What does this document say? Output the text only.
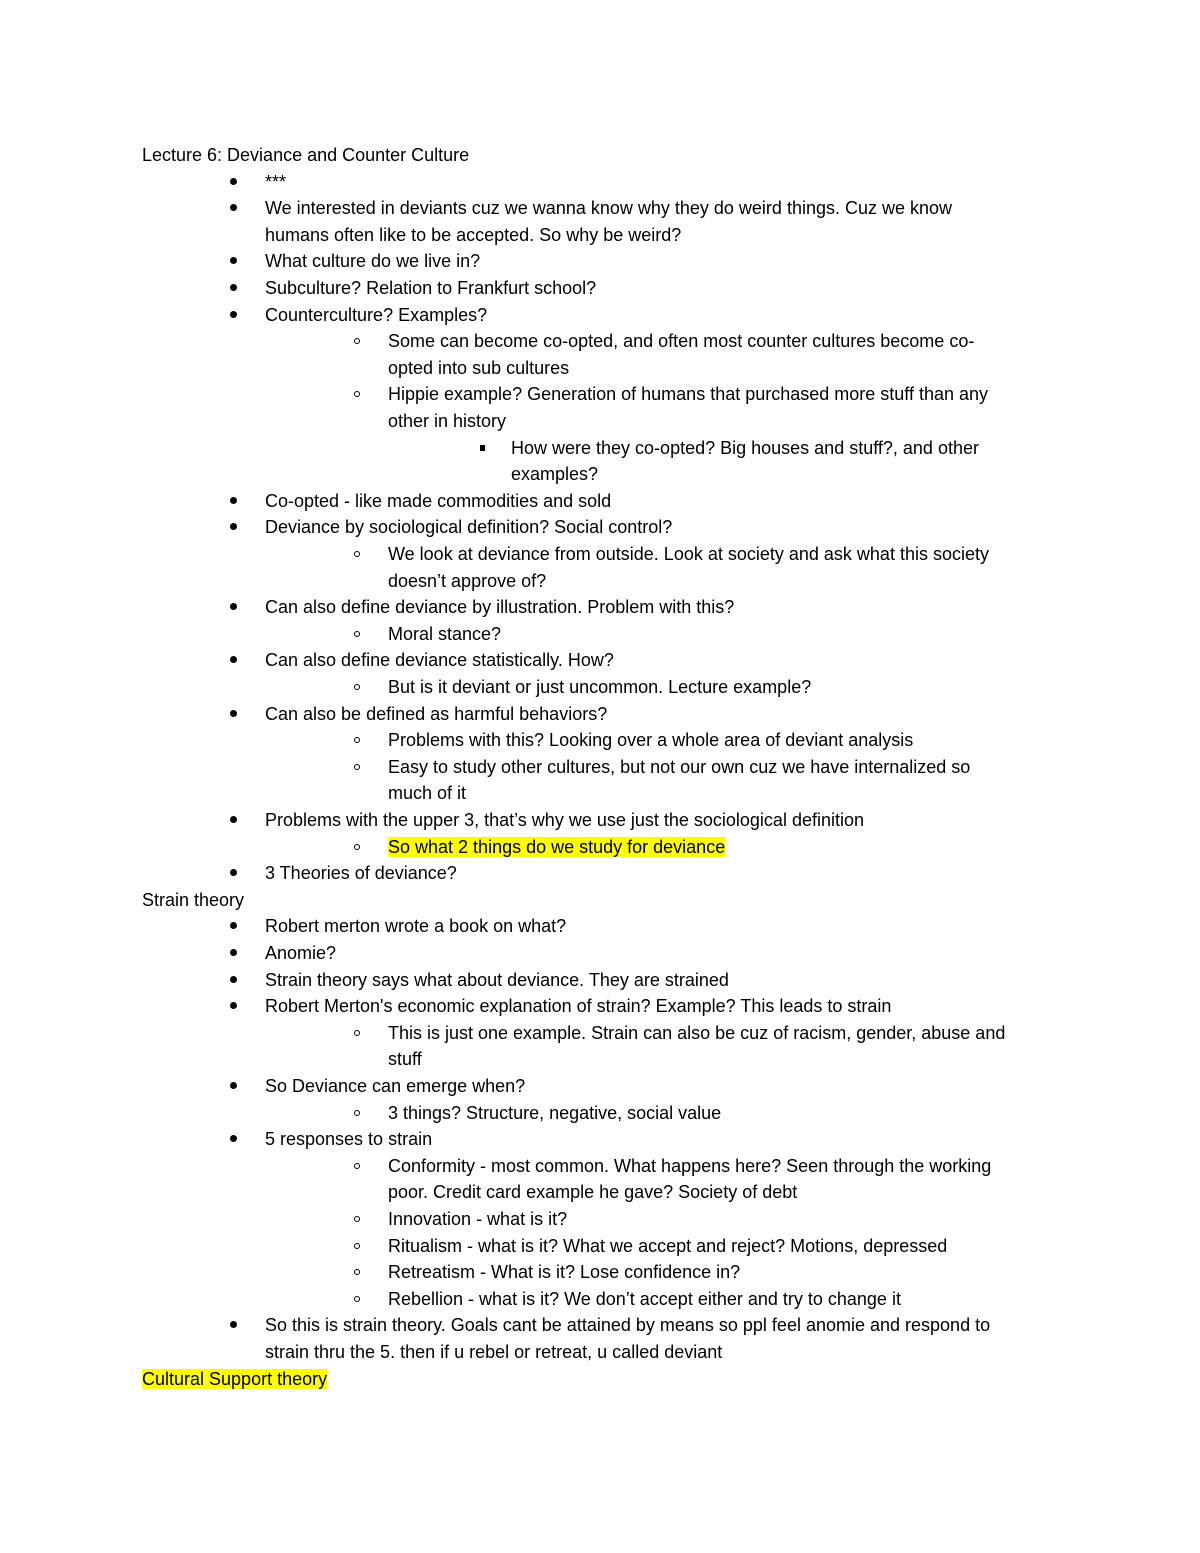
Lecture 6: Deviance and Counter Culture
***
We interested in deviants cuz we wanna know why they do weird things. Cuz we know
humans often like to be accepted. So why be weird?
What culture do we live in?
Subculture? Relation to Frankfurt school?
Counterculture? Examples?
Some can become co-opted, and often most counter cultures become co-
opted into sub cultures
Hippie example? Generation of humans that purchased more stuff than any
other in history
How were they co-opted? Big houses and stuff?, and other
examples?
Co-opted - like made commodities and sold
Deviance by sociological definition? Social control?
We look at deviance from outside. Look at society and ask what this society
doesn’t approve of?
Can also define deviance by illustration. Problem with this?
Moral stance?
Can also define deviance statistically. How?
But is it deviant or just uncommon. Lecture example?
Can also be defined as harmful behaviors?
Problems with this? Looking over a whole area of deviant analysis
Easy to study other cultures, but not our own cuz we have internalized so
much of it
Problems with the upper 3, that’s why we use just the sociological definition
So what 2 things do we study for deviance
3 Theories of deviance?
Strain theory
Robert merton wrote a book on what?
Anomie?
Strain theory says what about deviance. They are strained
Robert Merton's economic explanation of strain? Example? This leads to strain
This is just one example. Strain can also be cuz of racism, gender, abuse and
stuff
So Deviance can emerge when?
3 things? Structure, negative, social value
5 responses to strain
Conformity - most common. What happens here? Seen through the working
poor. Credit card example he gave? Society of debt
Innovation - what is it?
Ritualism - what is it? What we accept and reject? Motions, depressed
Retreatism - What is it? Lose confidence in?
Rebellion - what is it? We don’t accept either and try to change it
So this is strain theory. Goals cant be attained by means so ppl feel anomie and respond to
strain thru the 5. then if u rebel or retreat, u called deviant
Cultural Support theory
